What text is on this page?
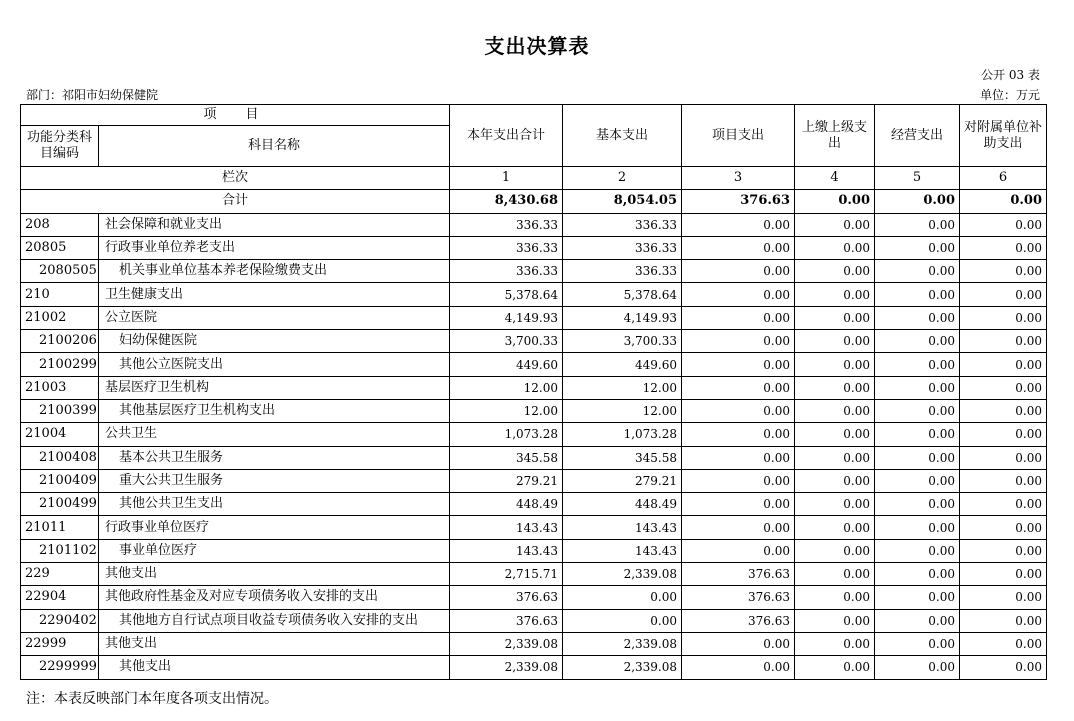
支出决算表
公开 03 表
部门：祁阳市妇幼保健院	单位：万元
项　目		本年支出合计	基本支出	项目支出	上缴上级支出	经营支出	对附属单位补助支出
功能分类科目编码	科目名称						
栏次		1	2	3	4	5	6
合计		8,430.68	8,054.05	376.63	0.00	0.00	0.00
208	社会保障和就业支出	336.33	336.33	0.00	0.00	0.00	0.00
20805	行政事业单位养老支出	336.33	336.33	0.00	0.00	0.00	0.00
2080505	机关事业单位基本养老保险缴费支出	336.33	336.33	0.00	0.00	0.00	0.00
210	卫生健康支出	5,378.64	5,378.64	0.00	0.00	0.00	0.00
21002	公立医院	4,149.93	4,149.93	0.00	0.00	0.00	0.00
2100206	妇幼保健医院	3,700.33	3,700.33	0.00	0.00	0.00	0.00
2100299	其他公立医院支出	449.60	449.60	0.00	0.00	0.00	0.00
21003	基层医疗卫生机构	12.00	12.00	0.00	0.00	0.00	0.00
2100399	其他基层医疗卫生机构支出	12.00	12.00	0.00	0.00	0.00	0.00
21004	公共卫生	1,073.28	1,073.28	0.00	0.00	0.00	0.00
2100408	基本公共卫生服务	345.58	345.58	0.00	0.00	0.00	0.00
2100409	重大公共卫生服务	279.21	279.21	0.00	0.00	0.00	0.00
2100499	其他公共卫生支出	448.49	448.49	0.00	0.00	0.00	0.00
21011	行政事业单位医疗	143.43	143.43	0.00	0.00	0.00	0.00
2101102	事业单位医疗	143.43	143.43	0.00	0.00	0.00	0.00
229	其他支出	2,715.71	2,339.08	376.63	0.00	0.00	0.00
22904	其他政府性基金及对应专项债务收入安排的支出	376.63	0.00	376.63	0.00	0.00	0.00
2290402	其他地方自行试点项目收益专项债务收入安排的支出	376.63	0.00	376.63	0.00	0.00	0.00
22999	其他支出	2,339.08	2,339.08	0.00	0.00	0.00	0.00
2299999	其他支出	2,339.08	2,339.08	0.00	0.00	0.00	0.00
注：本表反映部门本年度各项支出情况。
